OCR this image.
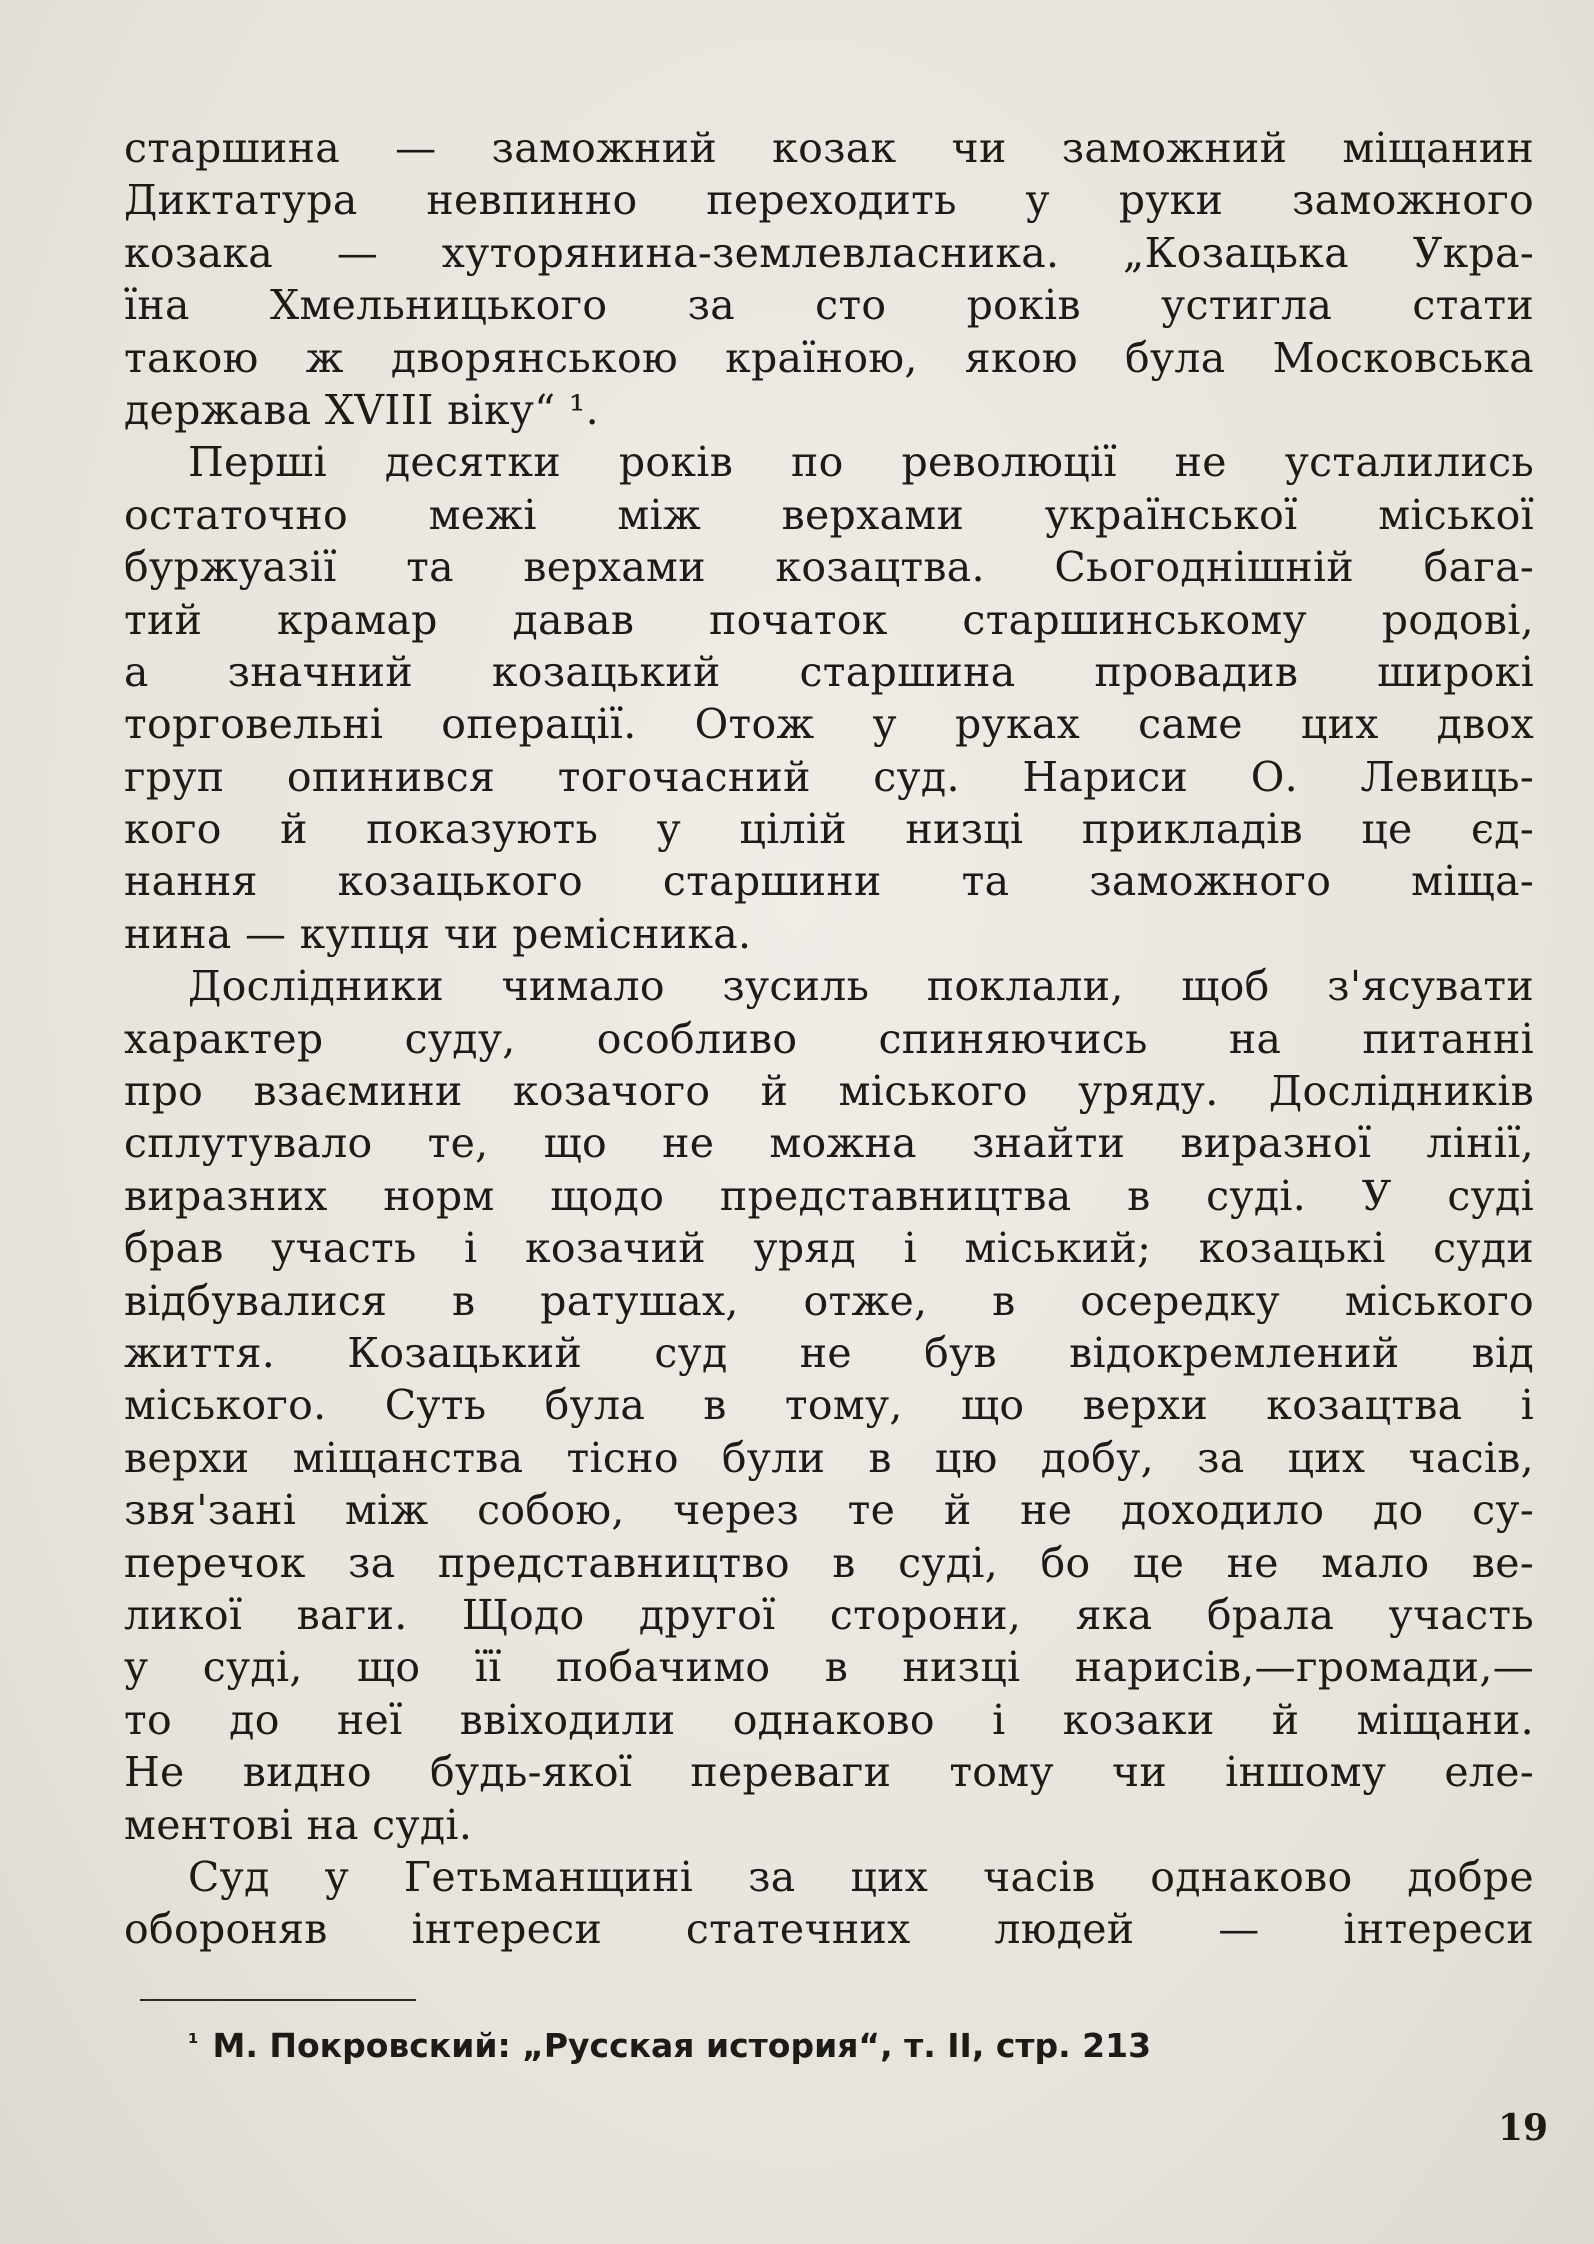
старшина — заможний козак чи заможний міщанин
Диктатура невпинно переходить у руки заможного
козака — хуторянина-землевласника. „Козацька Укра-
їна Хмельницького за сто років устигла стати
такою ж дворянською країною, якою була Московська
держава XVIII віку“ ¹.
Перші десятки років по революції не усталились
остаточно межі між верхами української міської
буржуазії та верхами козацтва. Сьогоднішній бага-
тий крамар давав початок старшинському родові,
а значний козацький старшина провадив широкі
торговельні операції. Отож у руках саме цих двох
груп опинився тогочасний суд. Нариси О. Левиць-
кого й показують у цілій низці прикладів це єд-
нання козацького старшини та заможного міща-
нина — купця чи ремісника.
Дослідники чимало зусиль поклали, щоб з'ясувати
характер суду, особливо спиняючись на питанні
про взаємини козачого й міського уряду. Дослідників
сплутувало те, що не можна знайти виразної лінії,
виразних норм щодо представництва в суді. У суді
брав участь і козачий уряд і міський; козацькі суди
відбувалися в ратушах, отже, в осередку міського
життя. Козацький суд не був відокремлений від
міського. Суть була в тому, що верхи козацтва і
верхи міщанства тісно були в цю добу, за цих часів,
звя'зані між собою, через те й не доходило до су-
перечок за представництво в суді, бо це не мало ве-
ликої ваги. Щодо другої сторони, яка брала участь
у суді, що її побачимо в низці нарисів,—громади,—
то до неї ввіходили однаково і козаки й міщани.
Не видно будь-якої переваги тому чи іншому еле-
ментові на суді.
Суд у Гетьманщині за цих часів однаково добре
обороняв інтереси статечних людей — інтереси
¹ М. Покровский: „Русская история“, т. II, стр. 213
19
